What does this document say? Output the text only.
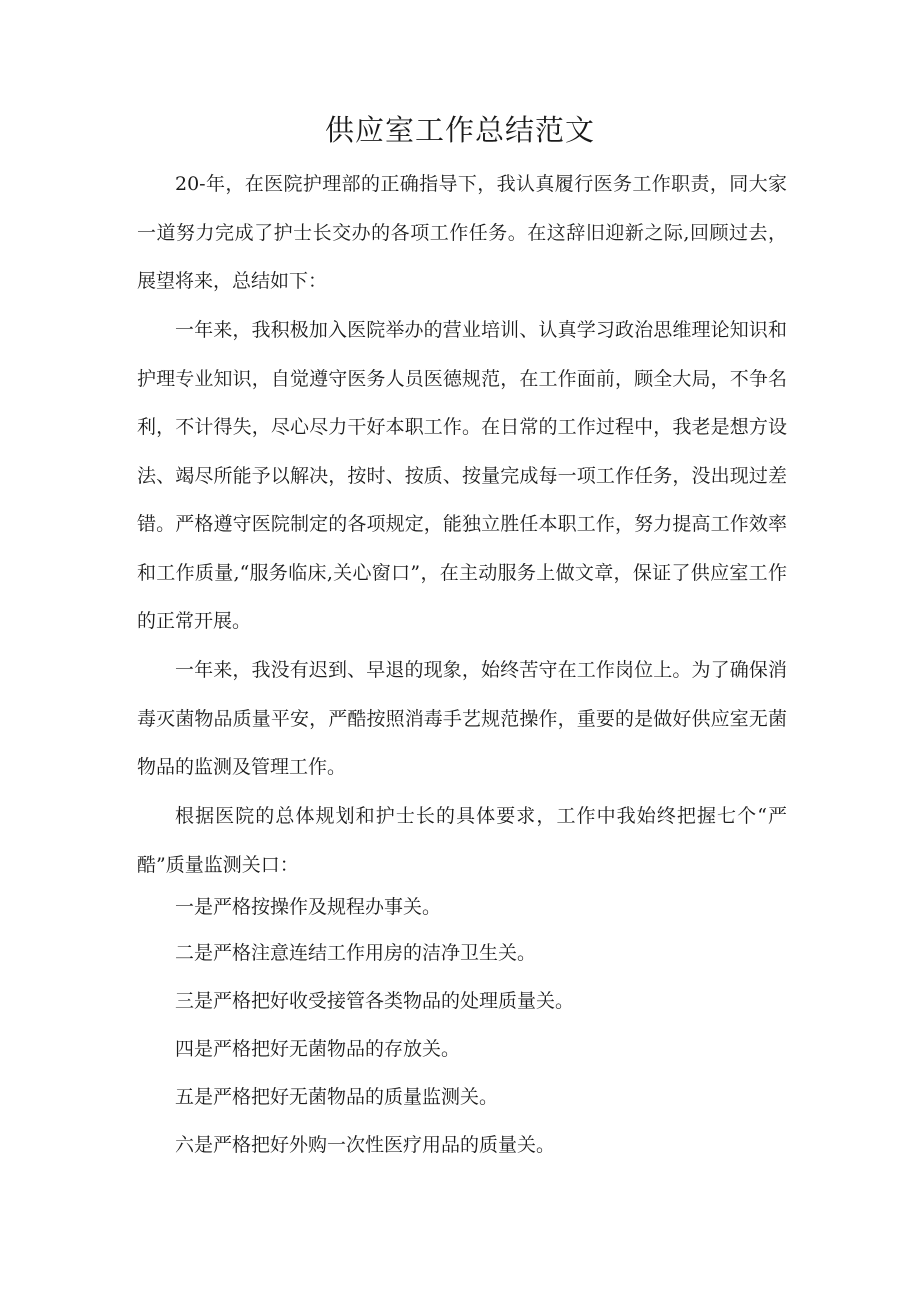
供应室工作总结范文

20-年，在医院护理部的正确指导下，我认真履行医务工作职责，同大家一道努力完成了护士长交办的各项工作任务。在这辞旧迎新之际,回顾过去，展望将来，总结如下：

一年来，我积极加入医院举办的营业培训、认真学习政治思维理论知识和护理专业知识，自觉遵守医务人员医德规范，在工作面前，顾全大局，不争名利，不计得失，尽心尽力干好本职工作。在日常的工作过程中，我老是想方设法、竭尽所能予以解决，按时、按质、按量完成每一项工作任务，没出现过差错。严格遵守医院制定的各项规定，能独立胜任本职工作，努力提高工作效率和工作质量,“服务临床,关心窗口”，在主动服务上做文章，保证了供应室工作的正常开展。

一年来，我没有迟到、早退的现象，始终苦守在工作岗位上。为了确保消毒灭菌物品质量平安，严酷按照消毒手艺规范操作，重要的是做好供应室无菌物品的监测及管理工作。

根据医院的总体规划和护士长的具体要求，工作中我始终把握七个“严酷”质量监测关口：

一是严格按操作及规程办事关。

二是严格注意连结工作用房的洁净卫生关。

三是严格把好收受接管各类物品的处理质量关。

四是严格把好无菌物品的存放关。

五是严格把好无菌物品的质量监测关。

六是严格把好外购一次性医疗用品的质量关。
